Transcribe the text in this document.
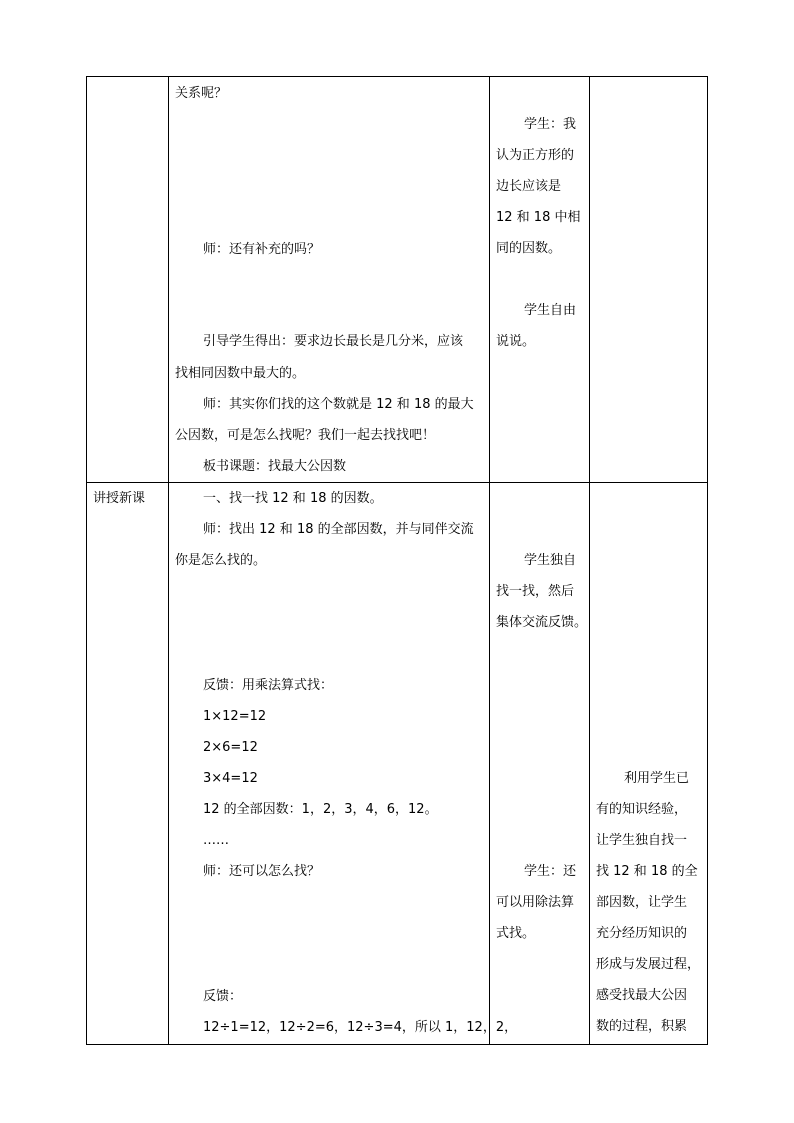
关系呢？
师：还有补充的吗？
引导学生得出：要求边长最长是几分米，应该
找相同因数中最大的。
师：其实你们找的这个数就是 12 和 18 的最大
公因数，可是怎么找呢？我们一起去找找吧！
板书课题：找最大公因数
学生：我
认为正方形的
边长应该是
12 和 18 中相
同的因数。
学生自由
说说。
讲授新课	一、找一找 12 和 18 的因数。
师：找出 12 和 18 的全部因数，并与同伴交流
你是怎么找的。
反馈：用乘法算式找：
1×12=12
2×6=12
3×4=12
12 的全部因数：1，2，3，4，6，12。
……
师：还可以怎么找？
反馈：
12÷1=12，12÷2=6，12÷3=4，所以 1，12，2，
学生独自
找一找，然后
集体交流反馈。
学生：还
可以用除法算
式找。
利用学生已
有的知识经验，
让学生独自找一
找 12 和 18 的全
部因数，让学生
充分经历知识的
形成与发展过程，
感受找最大公因
数的过程，积累
